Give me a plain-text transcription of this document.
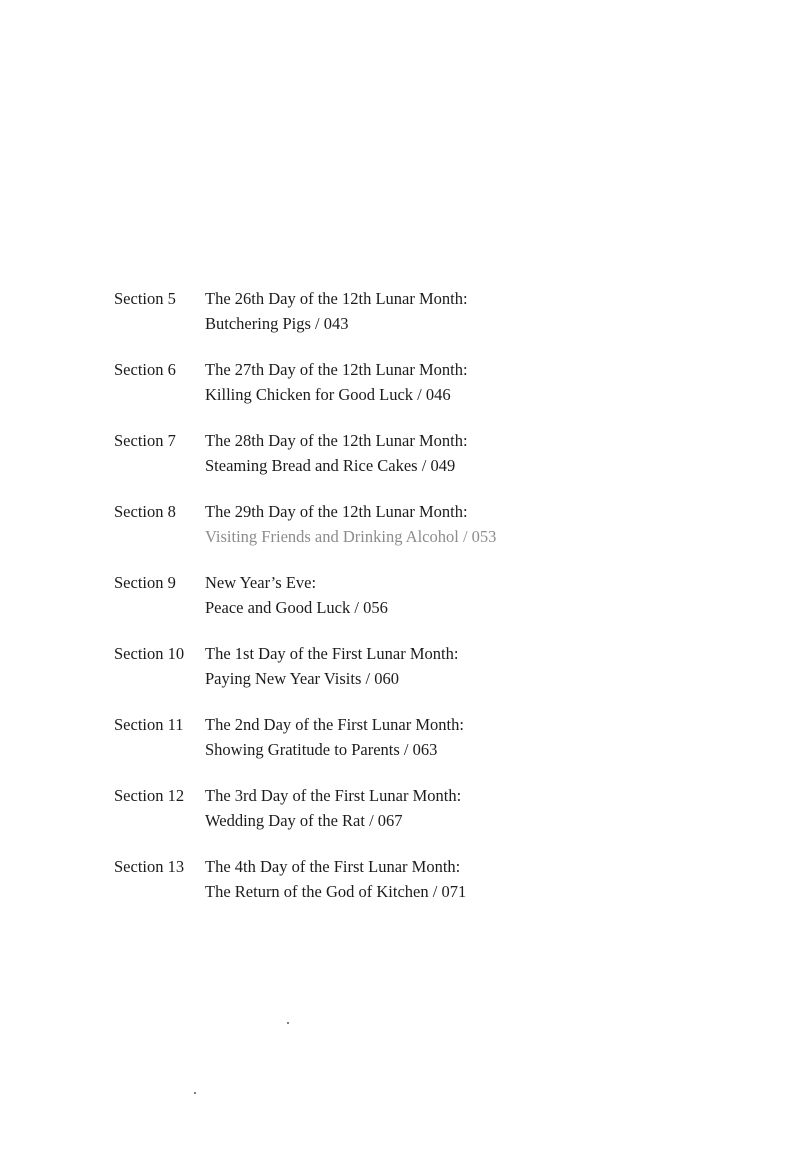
Section 5	The 26th Day of the 12th Lunar Month:
Butchering Pigs / 043
Section 6	The 27th Day of the 12th Lunar Month:
Killing Chicken for Good Luck / 046
Section 7	The 28th Day of the 12th Lunar Month:
Steaming Bread and Rice Cakes / 049
Section 8	The 29th Day of the 12th Lunar Month:
Visiting Friends and Drinking Alcohol / 053
Section 9	New Year’s Eve:
Peace and Good Luck / 056
Section 10	The 1st Day of the First Lunar Month:
Paying New Year Visits / 060
Section 11	The 2nd Day of the First Lunar Month:
Showing Gratitude to Parents / 063
Section 12	The 3rd Day of the First Lunar Month:
Wedding Day of the Rat / 067
Section 13	The 4th Day of the First Lunar Month:
The Return of the God of Kitchen / 071
